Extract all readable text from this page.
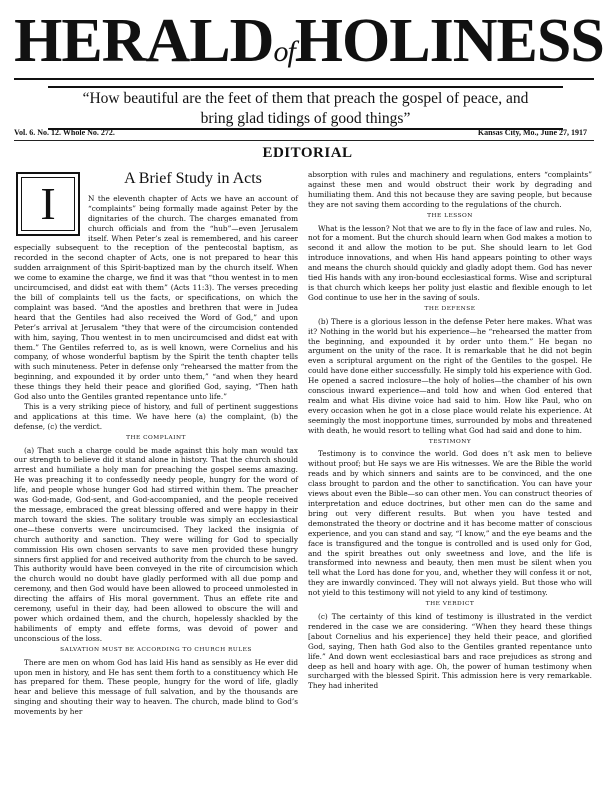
HERALDofHOLINESS

“How beautiful are the feet of them that preach the gospel of peace, and

bring glad tidings of good things”

Vol. 6. No. 12. Whole No. 272.	Kansas City, Mo., June 27, 1917
EDITORIAL
I	A Brief Study in Acts

N the eleventh chapter of Acts we have an account of “complaints” being formally made against Peter by the dignitaries of the church. The charges emanated from church officials and from the “hub”—even Jerusalem itself. When Peter’s zeal is remembered, and his career especially subsequent to the reception of the pentecostal baptism, as recorded in the second chapter of Acts, one is not prepared to hear this sudden arraignment of this Spirit-baptized man by the church itself. When we come to examine the charge, we find it was that “thou wentest in to men uncircumcised, and didst eat with them” (Acts 11:3). The verses preceding the bill of complaints tell us the facts, or specifications, on which the complaint was based. “And the apostles and brethren that were in Judea heard that the Gentiles had also received the Word of God,” and upon Peter’s arrival at Jerusalem “they that were of the circumcision contended with him, saying, Thou wentest in to men uncircumcised and didst eat with them.” The Gentiles referred to, as is well known, were Cornelius and his company, of whose wonderful baptism by the Spirit the tenth chapter tells with such minuteness. Peter in defense only “rehearsed the matter from the beginning, and expounded it by order unto them,” “and when they heard these things they held their peace and glorified God, saying, “Then hath God also unto the Gentiles granted repentance unto life.”

This is a very striking piece of history, and full of pertinent suggestions and applications at this time. We have here (a) the complaint, (b) the defense, (c) the verdict.

THE COMPLAINT

(a) That such a charge could be made against this holy man would tax our strength to believe did it stand alone in history. That the church should arrest and humiliate a holy man for preaching the gospel seems amazing. He was preaching it to confessedly needy people, hungry for the word of life, and people whose hunger God had stirred within them. The preacher was God-made, God-sent, and God-accompanied, and the people received the message, embraced the great blessing offered and were happy in their march toward the skies. The solitary trouble was simply an ecclesiastical one—these converts were uncircumcised. They lacked the insignia of church authority and sanction. They were willing for God to specially commission His own chosen servants to save men provided these hungry sinners first applied for and received authority from the church to be saved. This authority would have been conveyed in the rite of circumcision which the church would no doubt have gladly performed with all due pomp and ceremony, and then God would have been allowed to proceed unmolested in directing the affairs of His moral government. Thus an effete rite and ceremony, useful in their day, had been allowed to obscure the will and power which ordained them, and the church, hopelessly shackled by the habiliments of empty and effete forms, was devoid of power and unconscious of the loss.

SALVATION MUST BE ACCORDING TO CHURCH RULES

There are men on whom God has laid His hand as sensibly as He ever did upon men in history, and He has sent them forth to a constituency which He has prepared for them. These people, hungry for the word of life, gladly hear and believe this message of full salvation, and by the thousands are singing and shouting their way to heaven. The church, made blind to God’s movements by her

absorption with rules and machinery and regulations, enters “complaints” against these men and would obstruct their work by degrading and humiliating them. And this not because they are saving people, but because they are not saving them according to the regulations of the church.

THE LESSON

What is the lesson? Not that we are to fly in the face of law and rules. No, not for a moment. But the church should learn when God makes a motion to second it and allow the motion to be put. She should learn to let God introduce innovations, and when His hand appears pointing to other ways and means the church should quickly and gladly adopt them. God has never tied His hands with any iron-bound ecclesiastical forms. Wise and scriptural is that church which keeps her polity just elastic and flexible enough to let God continue to use her in the saving of souls.

THE DEFENSE

(b) There is a glorious lesson in the defense Peter here makes. What was it? Nothing in the world but his experience—he “rehearsed the matter from the beginning, and expounded it by order unto them.” He began no argument on the unity of the race. It is remarkable that he did not begin even a scriptural argument on the right of the Gentiles to the gospel. He could have done either successfully. He simply told his experience with God. He opened a sacred inclosure—the holy of holies—the chamber of his own conscious inward experience—and told how and when God entered that realm and what His divine voice had said to him. How like Paul, who on every occasion when he got in a close place would relate his experience. At seemingly the most inopportune times, surrounded by mobs and threatened with death, he would resort to telling what God had said and done to him.

TESTIMONY

Testimony is to convince the world. God does n’t ask men to believe without proof; but He says we are His witnesses. We are the Bible the world reads and by which sinners and saints are to be convinced, and the one class brought to pardon and the other to sanctification. You can have your views about even the Bible—so can other men. You can construct theories of interpretation and educe doctrines, but other men can do the same and bring out very different results. But when you have tested and demonstrated the theory or doctrine and it has become matter of conscious experience, and you can stand and say, “I know,” and the eye beams and the face is transfigured and the tongue is controlled and is used only for God, and the spirit breathes out only sweetness and love, and the life is transformed into newness and beauty, then men must be silent when you tell what the Lord has done for you, and, whether they will confess it or not, they are inwardly convinced. They will not always yield. But those who will not yield to this testimony will not yield to any kind of testimony.

THE VERDICT

(c) The certainty of this kind of testimony is illustrated in the verdict rendered in the case we are considering. “When they heard these things [about Cornelius and his experience] they held their peace, and glorified God, saying, Then hath God also to the Gentiles granted repentance unto life.” And down went ecclesiastical bars and race prejudices as strong and deep as hell and hoary with age. Oh, the power of human testimony when surcharged with the blessed Spirit. This admission here is very remarkable. They had inherited
